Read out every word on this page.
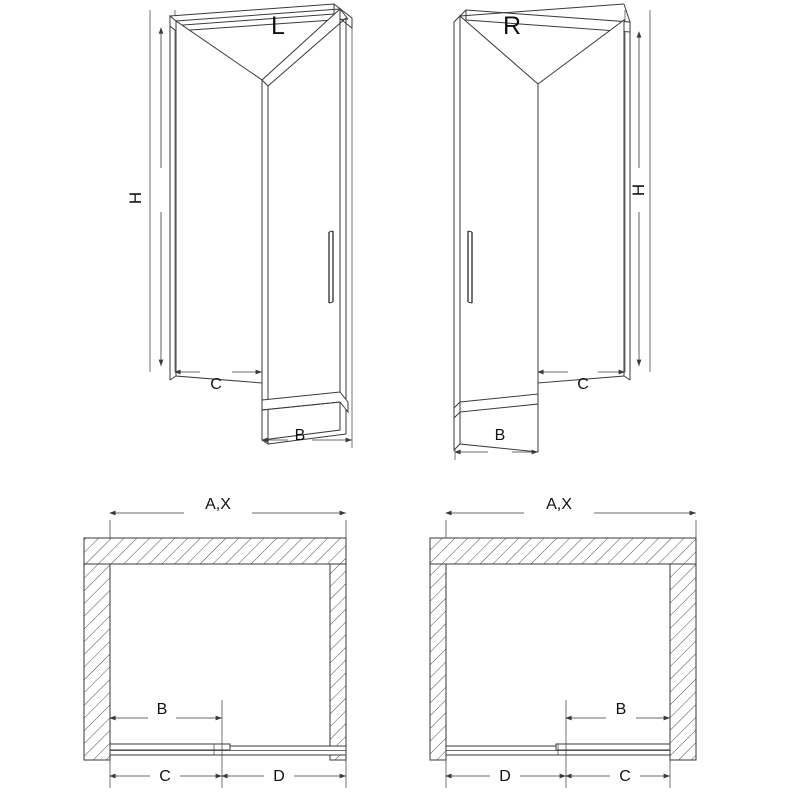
L	R
H
H
C
B
C
B
A,X
B
C	D
A,X
B
D	C
